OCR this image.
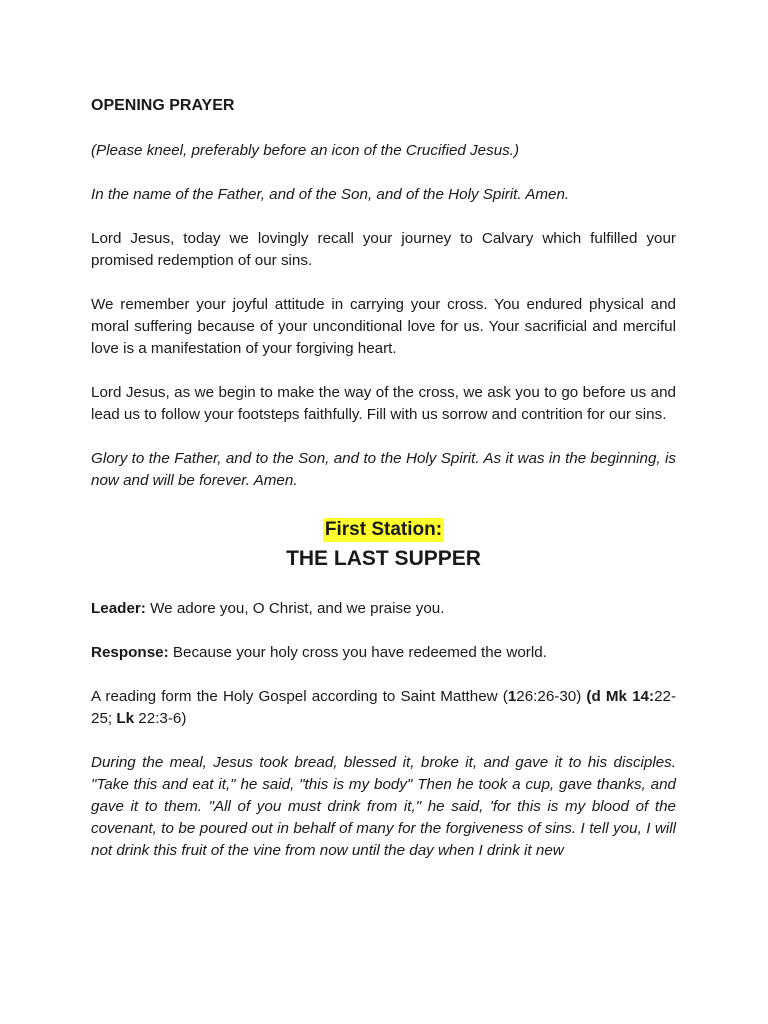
OPENING PRAYER

(Please kneel, preferably before an icon of the Crucified Jesus.)

In the name of the Father, and of the Son, and of the Holy Spirit. Amen.

Lord Jesus, today we lovingly recall your journey to Calvary which fulfilled your promised redemption of our sins.

We remember your joyful attitude in carrying your cross. You endured physical and moral suffering because of your unconditional love for us. Your sacrificial and merciful love is a manifestation of your forgiving heart.

Lord Jesus, as we begin to make the way of the cross, we ask you to go before us and lead us to follow your footsteps faithfully. Fill with us sorrow and contrition for our sins.

Glory to the Father, and to the Son, and to the Holy Spirit. As it was in the beginning, is now and will be forever. Amen.

First Station:
THE LAST SUPPER

Leader: We adore you, O Christ, and we praise you.

Response: Because your holy cross you have redeemed the world.

A reading form the Holy Gospel according to Saint Matthew (126:26-30) (d Mk 14:22-25; Lk 22:3-6)

During the meal, Jesus took bread, blessed it, broke it, and gave it to his disciples. "Take this and eat it," he said, "this is my body" Then he took a cup, gave thanks, and gave it to them. "All of you must drink from it," he said, 'for this is my blood of the covenant, to be poured out in behalf of many for the forgiveness of sins. I tell you, I will not drink this fruit of the vine from now until the day when I drink it new
